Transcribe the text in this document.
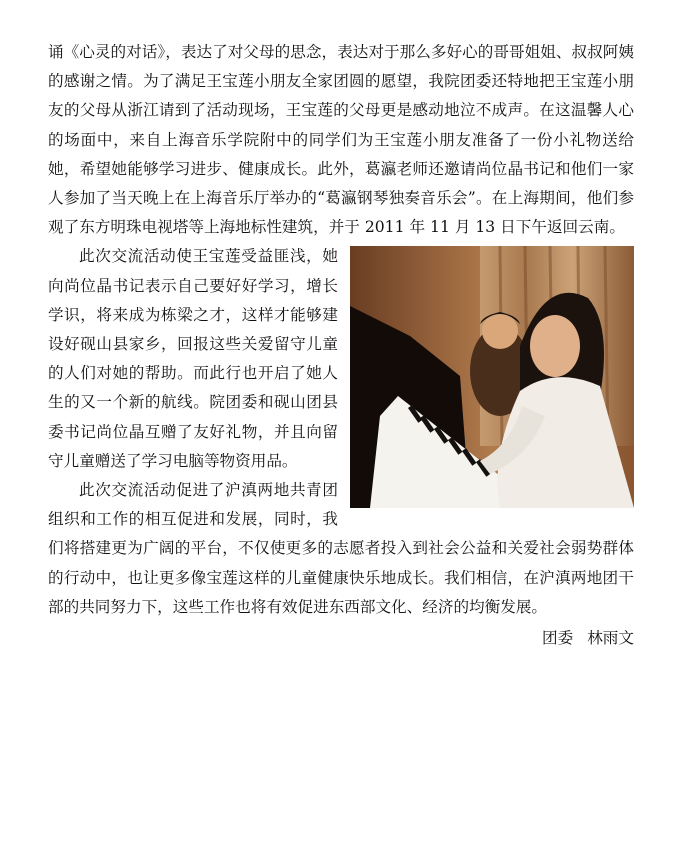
诵《心灵的对话》，表达了对父母的思念，表达对于那么多好心的哥哥姐姐、叔叔阿姨的感谢之情。为了满足王宝莲小朋友全家团圆的愿望，我院团委还特地把王宝莲小朋友的父母从浙江请到了活动现场，王宝莲的父母更是感动地泣不成声。在这温馨人心的场面中，来自上海音乐学院附中的同学们为王宝莲小朋友准备了一份小礼物送给她，希望她能够学习进步、健康成长。此外，葛瀛老师还邀请尚位晶书记和他们一家人参加了当天晚上在上海音乐厅举办的“葛瀛钢琴独奏音乐会”。在上海期间，他们参观了东方明珠电视塔等上海地标性建筑，并于 2011 年 11 月 13 日下午返回云南。

此次交流活动使王宝莲受益匪浅，她向尚位晶书记表示自己要好好学习，增长学识，将来成为栋梁之才，这样才能够建设好砚山县家乡，回报这些关爱留守儿童的人们对她的帮助。而此行也开启了她人生的又一个新的航线。院团委和砚山团县委书记尚位晶互赠了友好礼物，并且向留守儿童赠送了学习电脑等物资用品。

此次交流活动促进了沪滇两地共青团组织和工作的相互促进和发展，同时，我们将搭建更为广阔的平台，不仅使更多的志愿者投入到社会公益和关爱社会弱势群体的行动中，也让更多像宝莲这样的儿童健康快乐地成长。我们相信，在沪滇两地团干部的共同努力下，这些工作也将有效促进东西部文化、经济的均衡发展。

团委 林雨文
